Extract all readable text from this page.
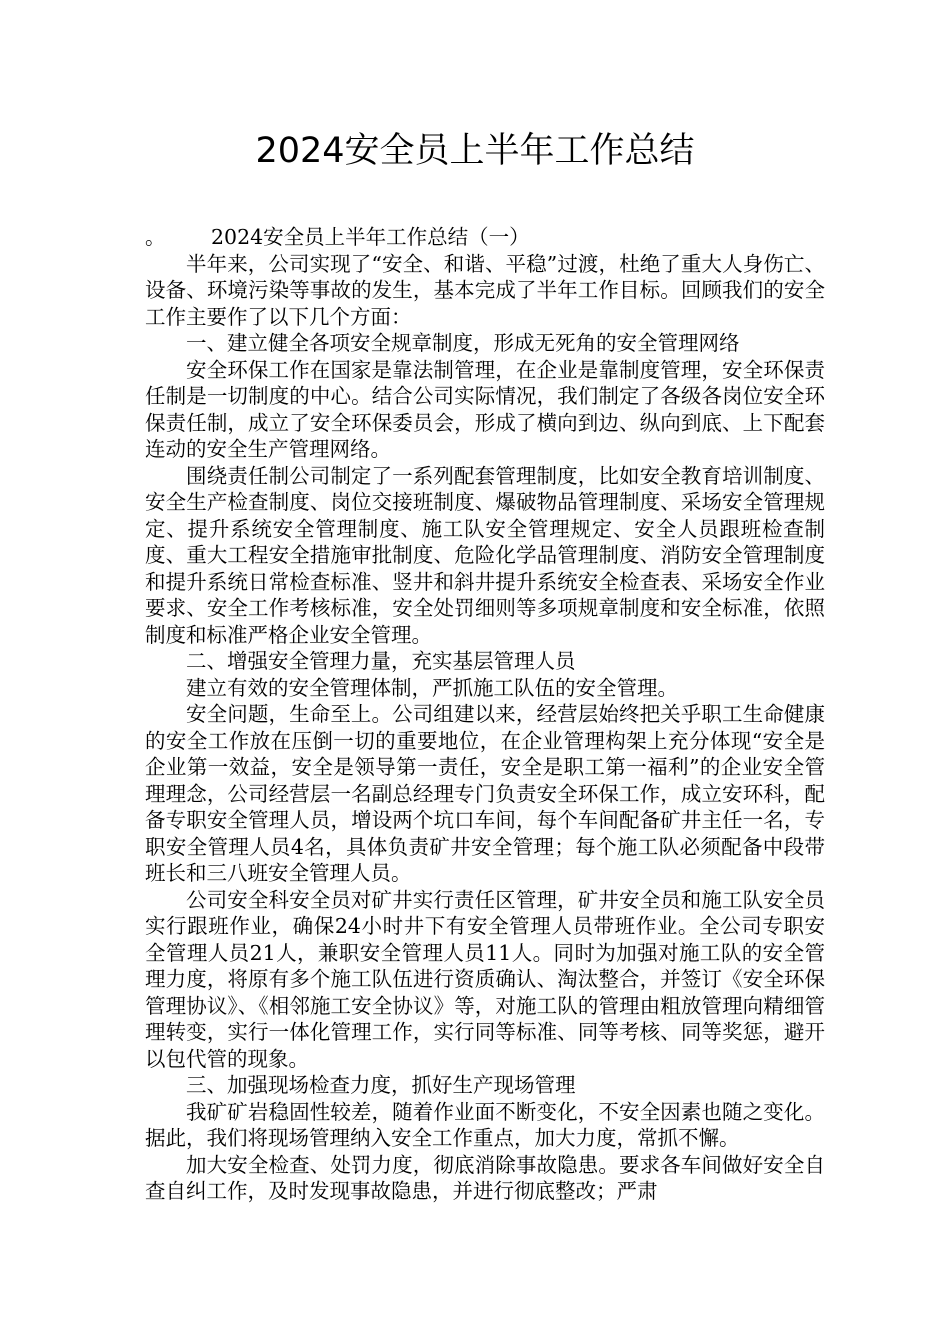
2024安全员上半年工作总结

。 2024安全员上半年工作总结（一）

半年来，公司实现了“安全、和谐、平稳”过渡，杜绝了重大人身伤亡、设备、环境污染等事故的发生，基本完成了半年工作目标。回顾我们的安全工作主要作了以下几个方面：

一、建立健全各项安全规章制度，形成无死角的安全管理网络

安全环保工作在国家是靠法制管理，在企业是靠制度管理，安全环保责任制是一切制度的中心。结合公司实际情况，我们制定了各级各岗位安全环保责任制，成立了安全环保委员会，形成了横向到边、纵向到底、上下配套连动的安全生产管理网络。

围绕责任制公司制定了一系列配套管理制度，比如安全教育培训制度、安全生产检查制度、岗位交接班制度、爆破物品管理制度、采场安全管理规定、提升系统安全管理制度、施工队安全管理规定、安全人员跟班检查制度、重大工程安全措施审批制度、危险化学品管理制度、消防安全管理制度和提升系统日常检查标准、竖井和斜井提升系统安全检查表、采场安全作业要求、安全工作考核标准，安全处罚细则等多项规章制度和安全标准，依照制度和标准严格企业安全管理。

二、增强安全管理力量，充实基层管理人员

建立有效的安全管理体制，严抓施工队伍的安全管理。

安全问题，生命至上。公司组建以来，经营层始终把关乎职工生命健康的安全工作放在压倒一切的重要地位，在企业管理构架上充分体现“安全是企业第一效益，安全是领导第一责任，安全是职工第一福利”的企业安全管理理念，公司经营层一名副总经理专门负责安全环保工作，成立安环科，配备专职安全管理人员，增设两个坑口车间，每个车间配备矿井主任一名，专职安全管理人员4名，具体负责矿井安全管理；每个施工队必须配备中段带班长和三八班安全管理人员。

公司安全科安全员对矿井实行责任区管理，矿井安全员和施工队安全员实行跟班作业，确保24小时井下有安全管理人员带班作业。全公司专职安全管理人员21人，兼职安全管理人员11人。同时为加强对施工队的安全管理力度，将原有多个施工队伍进行资质确认、淘汰整合，并签订《安全环保管理协议》、《相邻施工安全协议》等，对施工队的管理由粗放管理向精细管理转变，实行一体化管理工作，实行同等标准、同等考核、同等奖惩，避开以包代管的现象。

三、加强现场检查力度，抓好生产现场管理

我矿矿岩稳固性较差，随着作业面不断变化，不安全因素也随之变化。据此，我们将现场管理纳入安全工作重点，加大力度，常抓不懈。

加大安全检查、处罚力度，彻底消除事故隐患。要求各车间做好安全自查自纠工作，及时发现事故隐患，并进行彻底整改；严肃
